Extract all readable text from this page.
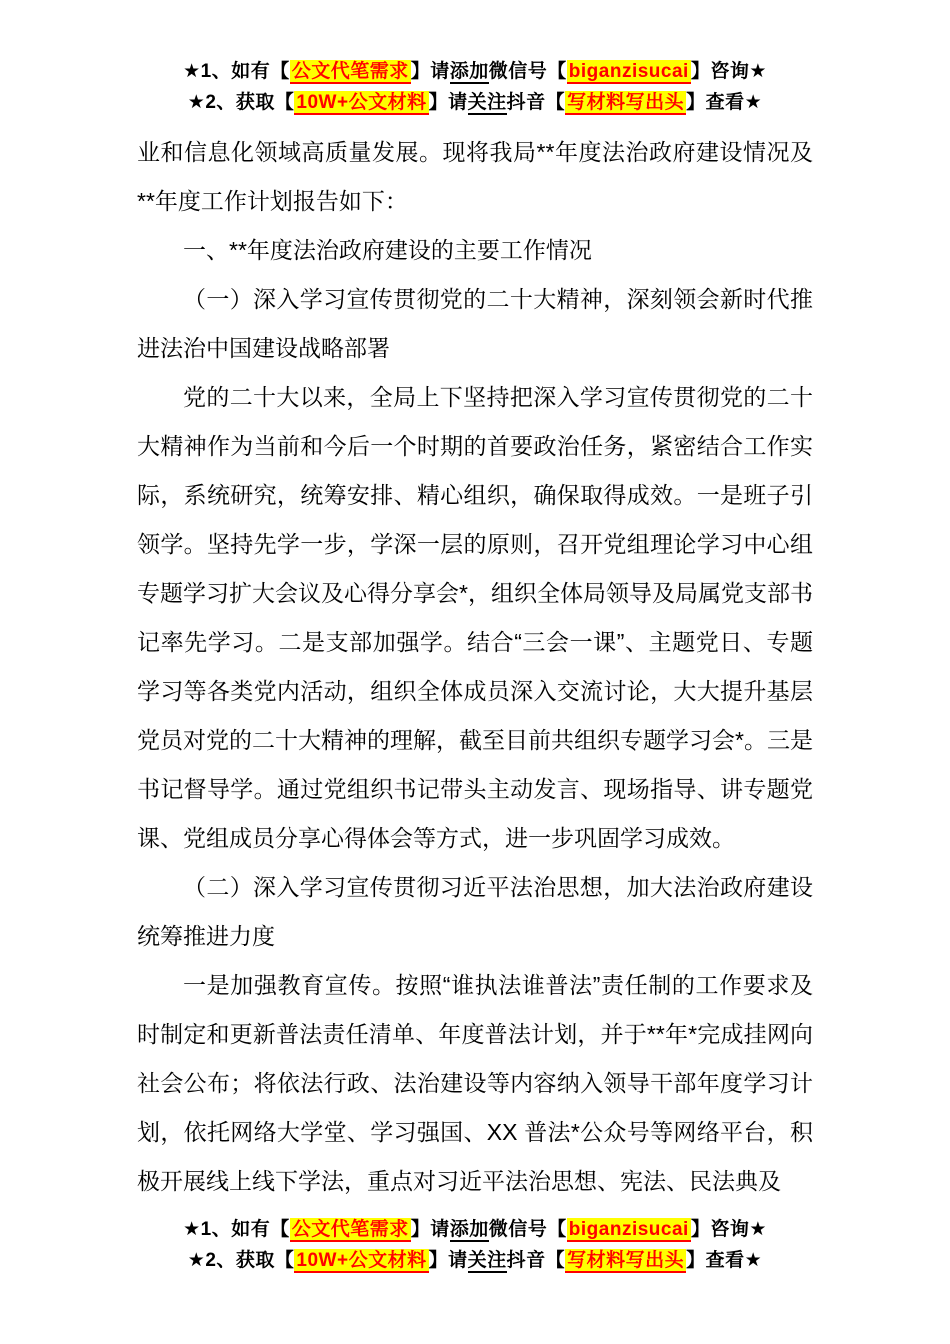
★1、如有【 公文代笔需求 】请添加微信号【 biganzisucai 】咨询★
★2、获取【 10W+公文材料 】请关注抖音【 写材料写出头 】查看★

业和信息化领域高质量发展。现将我局**年度法治政府建设情况及**年度工作计划报告如下：

一、**年度法治政府建设的主要工作情况

（一）深入学习宣传贯彻党的二十大精神，深刻领会新时代推进法治中国建设战略部署

党的二十大以来，全局上下坚持把深入学习宣传贯彻党的二十大精神作为当前和今后一个时期的首要政治任务，紧密结合工作实际，系统研究，统筹安排、精心组织，确保取得成效。一是班子引领学。坚持先学一步，学深一层的原则，召开党组理论学习中心组专题学习扩大会议及心得分享会*，组织全体局领导及局属党支部书记率先学习。二是支部加强学。结合“三会一课”、主题党日、专题学习等各类党内活动，组织全体成员深入交流讨论，大大提升基层党员对党的二十大精神的理解，截至目前共组织专题学习会*。三是书记督导学。通过党组织书记带头主动发言、现场指导、讲专题党课、党组成员分享心得体会等方式，进一步巩固学习成效。

（二）深入学习宣传贯彻习近平法治思想，加大法治政府建设统筹推进力度

一是加强教育宣传。按照“谁执法谁普法”责任制的工作要求及时制定和更新普法责任清单、年度普法计划，并于**年*完成挂网向社会公布；将依法行政、法治建设等内容纳入领导干部年度学习计划，依托网络大学堂、学习强国、XX 普法*公众号等网络平台，积极开展线上线下学法，重点对习近平法治思想、宪法、民法典及

★1、如有【 公文代笔需求 】请添加微信号【 biganzisucai 】咨询★
★2、获取【 10W+公文材料 】请关注抖音【 写材料写出头 】查看★
